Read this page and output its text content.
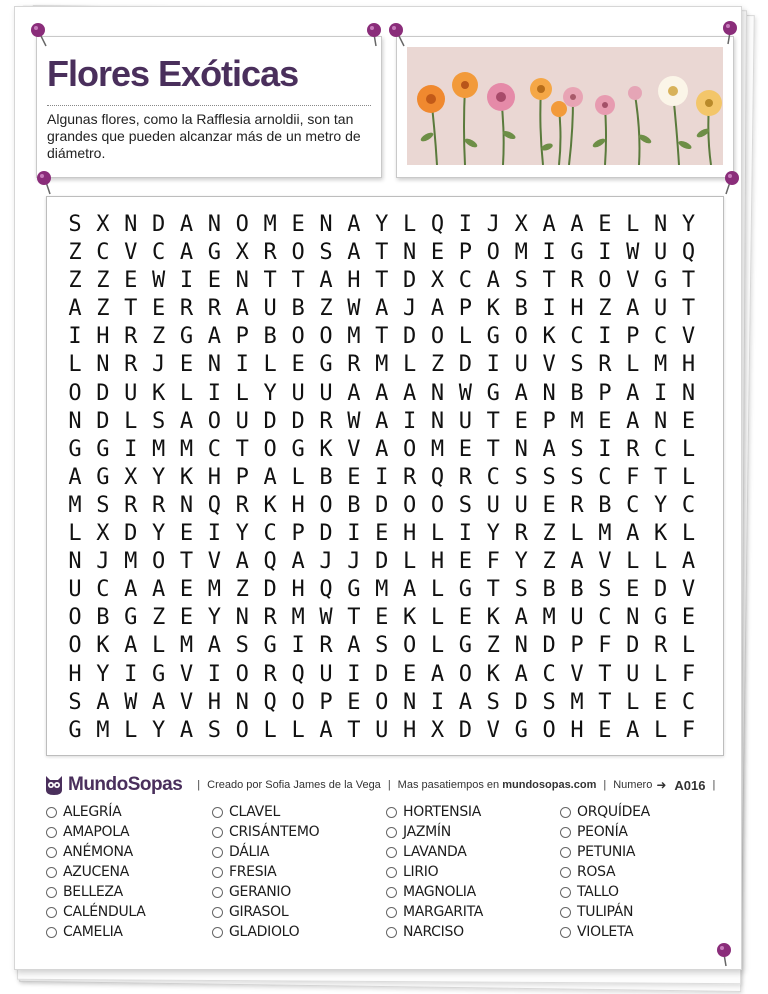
Flores Exóticas

Algunas flores, como la Rafflesia arnoldii, son tan grandes que pueden alcanzar más de un metro de diámetro.

S X N D A N O M E N A Y L Q I J X A A E L N Y
Z C V C A G X R O S A T N E P O M I G I W U Q
Z Z E W I E N T T A H T D X C A S T R O V G T
A Z T E R R A U B Z W A J A P K B I H Z A U T
I H R Z G A P B O O M T D O L G O K C I P C V
L N R J E N I L E G R M L Z D I U V S R L M H
O D U K L I L Y U U A A A N W G A N B P A I N
N D L S A O U D D R W A I N U T E P M E A N E
G G I M M C T O G K V A O M E T N A S I R C L
A G X Y K H P A L B E I R Q R C S S S C F T L
M S R R N Q R K H O B D O O S U U E R B C Y C
L X D Y E I Y C P D I E H L I Y R Z L M A K L
N J M O T V A Q A J J D L H E F Y Z A V L L A
U C A A E M Z D H Q G M A L G T S B B S E D V
O B G Z E Y N R M W T E K L E K A M U C N G E
O K A L M A S G I R A S O L G Z N D P F D R L
H Y I G V I O R Q U I D E A O K A C V T U L F
S A W A V H N Q O P E O N I A S D S M T L E C
G M L Y A S O L L A T U H X D V G O H E A L F
MundoSopas | Creado por Sofia James de la Vega | Mas pasatiempos en
mundosopas.com | Numero ➜ A016 |
ALEGRÍA	CLAVEL	HORTENSIA	ORQUÍDEA
AMAPOLA	CRISÁNTEMO	JAZMÍN	PEONÍA
ANÉMONA	DÁLIA	LAVANDA	PETUNIA
AZUCENA	FRESIA	LIRIO	ROSA
BELLEZA	GERANIO	MAGNOLIA	TALLO
CALÉNDULA	GIRASOL	MARGARITA	TULIPÁN
CAMELIA	GLADIOLO	NARCISO	VIOLETA
